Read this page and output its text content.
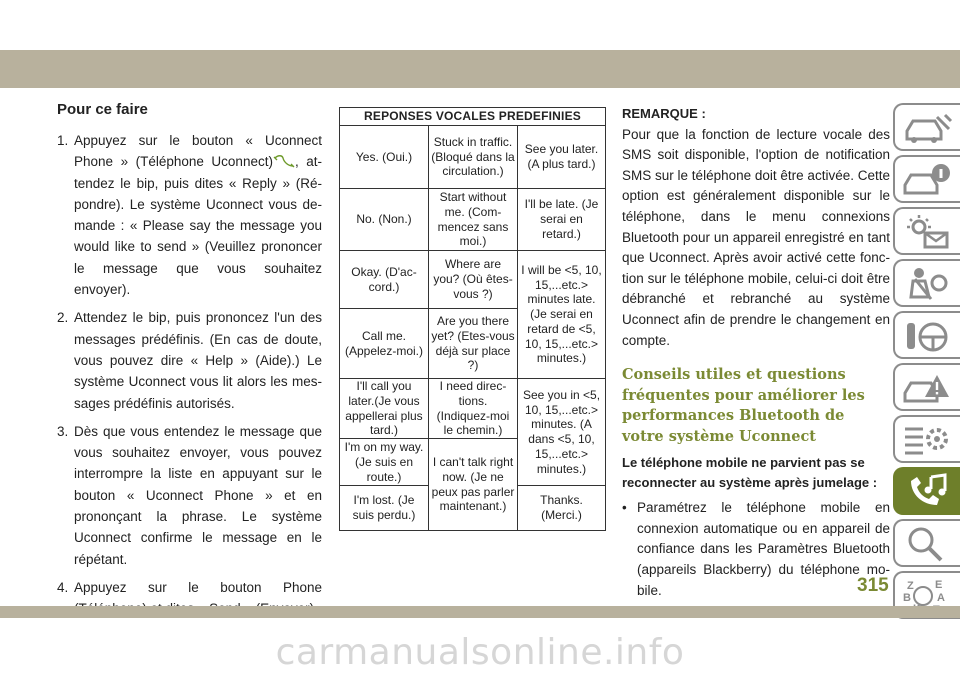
Pour ce faire
1. Appuyez sur le bouton « Uconnect Phone » (Téléphone Uconnect) , attendez le bip, puis dites « Reply » (Répondre). Le système Uconnect vous demande : « Please say the message you would like to send » (Veuillez prononcer le message que vous souhaitez envoyer).
2. Attendez le bip, puis prononcez l'un des messages prédéfinis. (En cas de doute, vous pouvez dire « Help » (Aide).) Le système Uconnect vous lit alors les messages prédéfinis autorisés.
3. Dès que vous entendez le message que vous souhaitez envoyer, vous pouvez interrompre la liste en appuyant sur le bouton « Uconnect Phone » et en prononçant la phrase. Le système Uconnect confirme le message en le répétant.
4. Appuyez sur le bouton Phone
REPONSES VOCALES PREDEFINIES		
Yes. (Oui.)	Stuck in traffic. (Bloqué dans la circulation.)	See you later. (A plus tard.)
No. (Non.)	Start without me. (Commencez sans moi.)	I'll be late. (Je serai en retard.)
Okay. (D'accord.)	Where are you? (Où êtes-vous ?)	I will be <5, 10, 15,...etc.> minutes late. (Je serai en retard de <5, 10, 15,...etc.> minutes.)
Call me. (Appelez-moi.)	Are you there yet? (Etes-vous déjà sur place ?)	
I'll call you later.(Je vous appellerai plus tard.)	I need directions. (Indiquez-moi le chemin.)	See you in <5, 10, 15,...etc.> minutes. (A dans <5, 10, 15,...etc.> minutes.)
I'm on my way. (Je suis en route.)	I can't talk right now. (Je ne peux pas parler maintenant.)	
I'm lost. (Je suis perdu.)		Thanks. (Merci.)
REMARQUE :

Pour que la fonction de lecture vocale des SMS soit disponible, l'option de notification SMS sur le téléphone doit être activée. Cette option est généralement disponible sur le téléphone, dans le menu connexions Bluetooth pour un appareil enregistré en tant que Uconnect. Après avoir activé cette fonction sur le téléphone mobile, celui-ci doit être débranché et rebranché au système Uconnect afin de prendre le changement en compte.

Conseils utiles et questions fréquentes pour améliorer les performances Bluetooth de votre système Uconnect
Le téléphone mobile ne parvient pas se reconnecter au système après jumelage :
• Paramétrez le téléphone mobile en connexion automatique ou en appareil de confiance dans les Paramètres Bluetooth (appareils Blackberry) du téléphone mobile.	Z E
B A
315
carmanualsonline.info
